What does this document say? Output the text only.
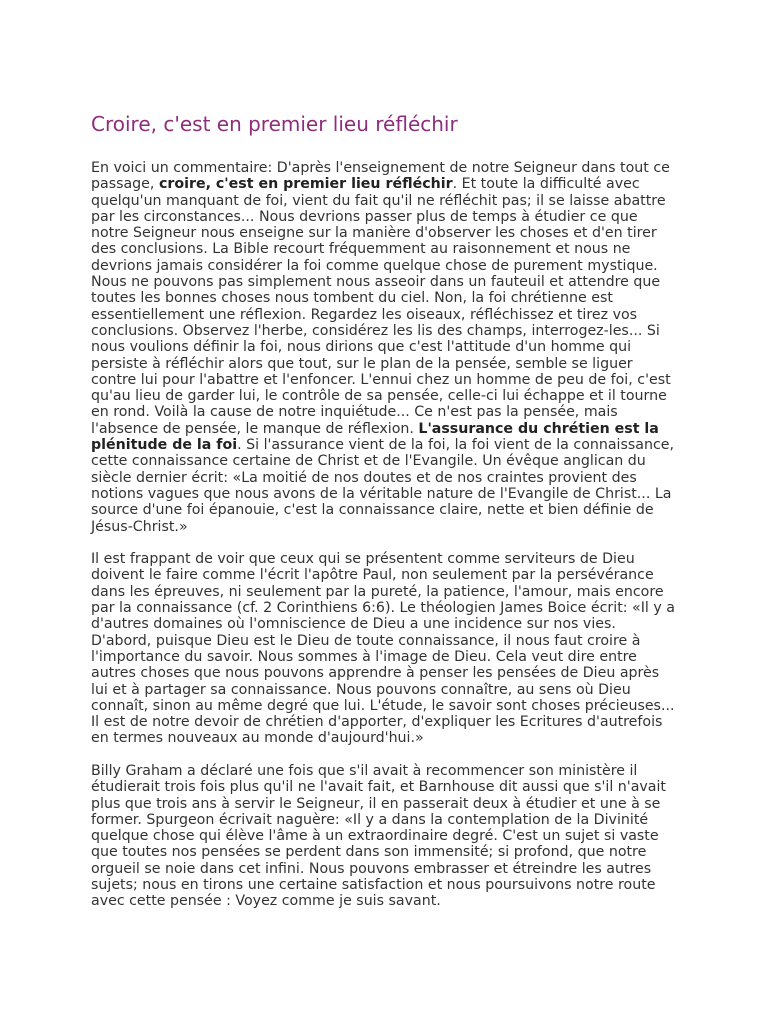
Croire, c'est en premier lieu réfléchir

En voici un commentaire: D'après l'enseignement de notre Seigneur dans tout ce passage, croire, c'est en premier lieu réfléchir. Et toute la difficulté avec quelqu'un manquant de foi, vient du fait qu'il ne réfléchit pas; il se laisse abattre par les circonstances... Nous devrions passer plus de temps à étudier ce que notre Seigneur nous enseigne sur la manière d'observer les choses et d'en tirer des conclusions. La Bible recourt fréquemment au raisonnement et nous ne devrions jamais considérer la foi comme quelque chose de purement mystique. Nous ne pouvons pas simplement nous asseoir dans un fauteuil et attendre que toutes les bonnes choses nous tombent du ciel. Non, la foi chrétienne est essentiellement une réflexion. Regardez les oiseaux, réfléchissez et tirez vos conclusions. Observez l'herbe, considérez les lis des champs, interrogez-les... Si nous voulions définir la foi, nous dirions que c'est l'attitude d'un homme qui persiste à réfléchir alors que tout, sur le plan de la pensée, semble se liguer contre lui pour l'abattre et l'enfoncer. L'ennui chez un homme de peu de foi, c'est qu'au lieu de garder lui, le contrôle de sa pensée, celle-ci lui échappe et il tourne en rond. Voilà la cause de notre inquiétude... Ce n'est pas la pensée, mais l'absence de pensée, le manque de réflexion. L'assurance du chrétien est la plénitude de la foi. Si l'assurance vient de la foi, la foi vient de la connaissance, cette connaissance certaine de Christ et de l'Evangile. Un évêque anglican du siècle dernier écrit: «La moitié de nos doutes et de nos craintes provient des notions vagues que nous avons de la véritable nature de l'Evangile de Christ... La source d'une foi épanouie, c'est la connaissance claire, nette et bien définie de Jésus-Christ.»

Il est frappant de voir que ceux qui se présentent comme serviteurs de Dieu doivent le faire comme l'écrit l'apôtre Paul, non seulement par la persévérance dans les épreuves, ni seulement par la pureté, la patience, l'amour, mais encore par la connaissance (cf. 2 Corinthiens 6:6). Le théologien James Boice écrit: «Il y a d'autres domaines où l'omniscience de Dieu a une incidence sur nos vies. D'abord, puisque Dieu est le Dieu de toute connaissance, il nous faut croire à l'importance du savoir. Nous sommes à l'image de Dieu. Cela veut dire entre autres choses que nous pouvons apprendre à penser les pensées de Dieu après lui et à partager sa connaissance. Nous pouvons connaître, au sens où Dieu connaît, sinon au même degré que lui. L'étude, le savoir sont choses précieuses... Il est de notre devoir de chrétien d'apporter, d'expliquer les Ecritures d'autrefois en termes nouveaux au monde d'aujourd'hui.»

Billy Graham a déclaré une fois que s'il avait à recommencer son ministère il étudierait trois fois plus qu'il ne l'avait fait, et Barnhouse dit aussi que s'il n'avait plus que trois ans à servir le Seigneur, il en passerait deux à étudier et une à se former. Spurgeon écrivait naguère: «Il y a dans la contemplation de la Divinité quelque chose qui élève l'âme à un extraordinaire degré. C'est un sujet si vaste que toutes nos pensées se perdent dans son immensité; si profond, que notre orgueil se noie dans cet infini. Nous pouvons embrasser et étreindre les autres sujets; nous en tirons une certaine satisfaction et nous poursuivons notre route avec cette pensée : Voyez comme je suis savant.
